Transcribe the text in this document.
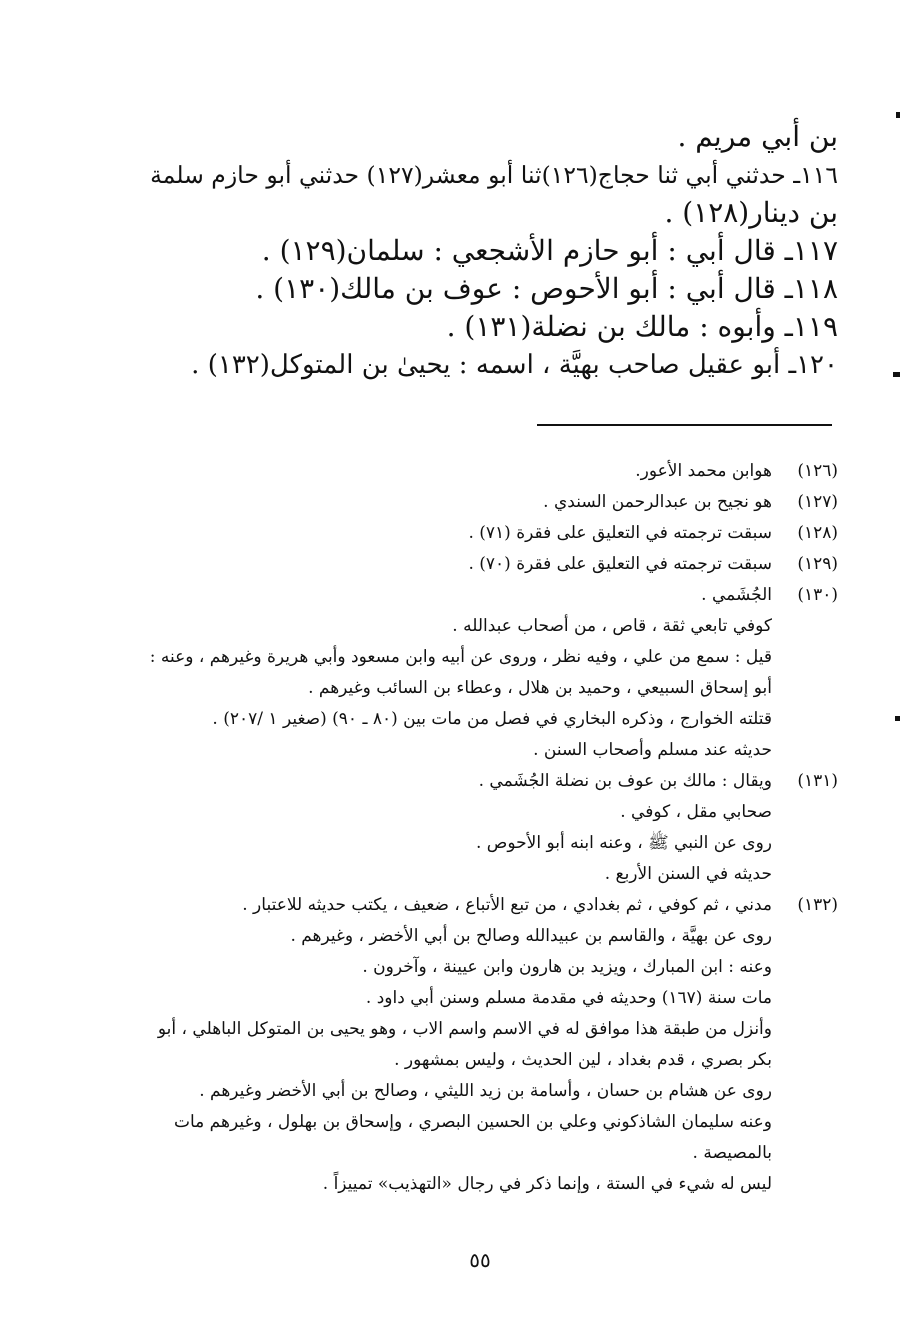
بن أبي مريم .

١١٦ـ حدثني أبي ثنا حجاج(١٢٦)ثنا أبو معشر(١٢٧) حدثني أبو حازم سلمة

بن دينار(١٢٨) .

١١٧ـ قال أبي : أبو حازم الأشجعي : سلمان(١٢٩) .

١١٨ـ قال أبي : أبو الأحوص : عوف بن مالك(١٣٠) .

١١٩ـ وأبوه : مالك بن نضلة(١٣١) .

١٢٠ـ أبو عقيل صاحب بهيَّة ، اسمه : يحيىٰ بن المتوكل(١٣٢) .

(١٢٦)
هوابن محمد الأعور.
(١٢٧)
هو نجيح بن عبدالرحمن السندي .
(١٢٨)
سبقت ترجمته في التعليق على فقرة (٧١) .
(١٢٩)
سبقت ترجمته في التعليق على فقرة (٧٠) .
(١٣٠)
الجُشَمي .
كوفي تابعي ثقة ، قاص ، من أصحاب عبدالله .
قيل : سمع من علي ، وفيه نظر ، وروى عن أبيه وابن مسعود وأبي هريرة وغيرهم ، وعنه :
أبو إسحاق السبيعي ، وحميد بن هلال ، وعطاء بن السائب وغيرهم .
قتلته الخوارج ، وذكره البخاري في فصل من مات بين (٨٠ ـ ٩٠) (صغير ١ /٢٠٧) .
حديثه عند مسلم وأصحاب السنن .
(١٣١)
ويقال : مالك بن عوف بن نضلة الجُشَمي .
صحابي مقل ، كوفي .
روى عن النبي ﷺ ، وعنه ابنه أبو الأحوص .
حديثه في السنن الأربع .
(١٣٢)
مدني ، ثم كوفي ، ثم بغدادي ، من تبع الأتباع ، ضعيف ، يكتب حديثه للاعتبار .
روى عن بهيَّة ، والقاسم بن عبيدالله وصالح بن أبي الأخضر ، وغيرهم .
وعنه : ابن المبارك ، ويزيد بن هارون وابن عيينة ، وآخرون .
مات سنة (١٦٧) وحديثه في مقدمة مسلم وسنن أبي داود .
وأنزل من طبقة هذا موافق له في الاسم واسم الاب ، وهو يحيى بن المتوكل الباهلي ، أبو
بكر بصري ، قدم بغداد ، لين الحديث ، وليس بمشهور .
روى عن هشام بن حسان ، وأسامة بن زيد الليثي ، وصالح بن أبي الأخضر وغيرهم .
وعنه سليمان الشاذكوني وعلي بن الحسين البصري ، وإسحاق بن بهلول ، وغيرهم مات
بالمصيصة .
ليس له شيء في الستة ، وإنما ذكر في رجال «التهذيب» تمييزاً .
٥٥
